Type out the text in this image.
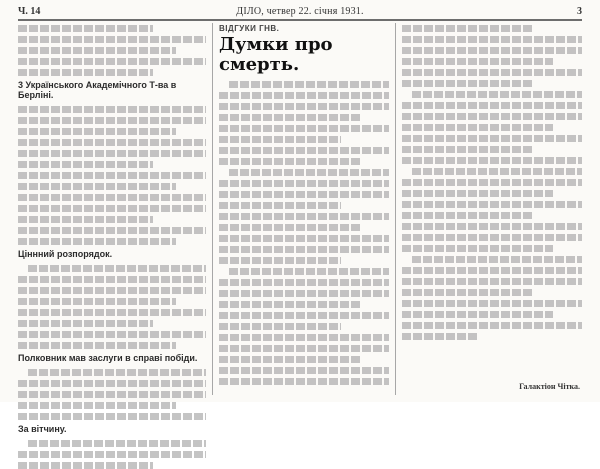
Ч. 14	ДІЛО, четвер 22. січня 1931.	3
3 Українського Академічного Т-ва в Берліні.
Ціннний розпорядок.
Полковник мав заслуги в справі побіди.
За вітчину.
ВІДГУКИ ГНВ.
Думки про смерть.
Галактіон Чітка.
